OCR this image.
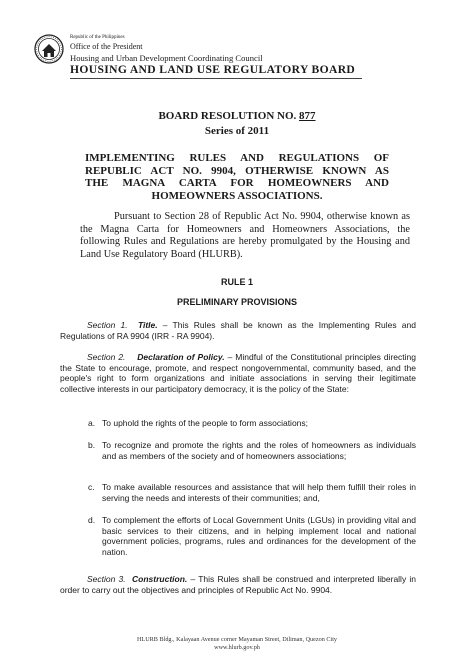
Republic of the Philippines
Office of the President
Housing and Urban Development Coordinating Council
HOUSING AND LAND USE REGULATORY BOARD
BOARD RESOLUTION NO. 877
Series of 2011
IMPLEMENTING RULES AND REGULATIONS OF
REPUBLIC ACT NO. 9904, OTHERWISE KNOWN AS
THE MAGNA CARTA FOR HOMEOWNERS AND
HOMEOWNERS ASSOCIATIONS.
Pursuant to Section 28 of Republic Act No. 9904, otherwise known as the Magna Carta for Homeowners and Homeowners Associations, the following Rules and Regulations are hereby promulgated by the Housing and Land Use Regulatory Board (HLURB).
RULE 1
PRELIMINARY PROVISIONS
Section 1. Title. – This Rules shall be known as the Implementing Rules and Regulations of RA 9904 (IRR - RA 9904).
Section 2. Declaration of Policy. – Mindful of the Constitutional principles directing the State to encourage, promote, and respect nongovernmental, community based, and the people's right to form organizations and initiate associations in serving their legitimate collective interests in our participatory democracy, it is the policy of the State:
a. To uphold the rights of the people to form associations;
b. To recognize and promote the rights and the roles of homeowners as individuals and as members of the society and of homeowners associations;
c. To make available resources and assistance that will help them fulfill their roles in serving the needs and interests of their communities; and,
d. To complement the efforts of Local Government Units (LGUs) in providing vital and basic services to their citizens, and in helping implement local and national government policies, programs, rules and ordinances for the development of the nation.
Section 3. Construction. – This Rules shall be construed and interpreted liberally in order to carry out the objectives and principles of Republic Act No. 9904.
HLURB Bldg., Kalayaan Avenue corner Mayaman Street, Diliman, Quezon City
www.hlurb.gov.ph
